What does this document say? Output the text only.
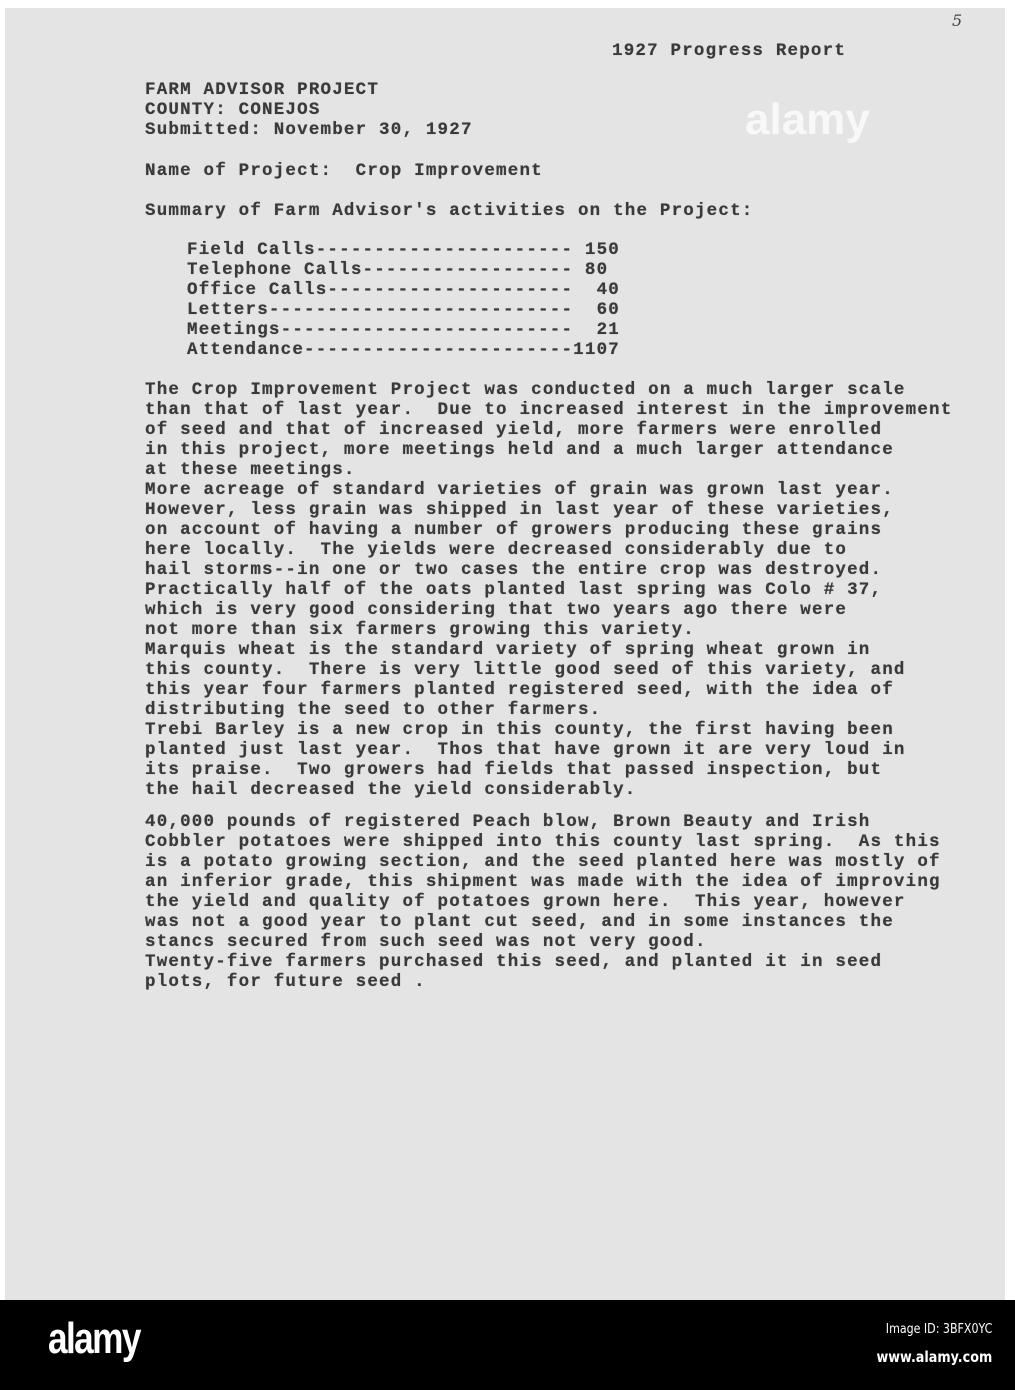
alamy
5
1927 Progress Report
FARM ADVISOR PROJECT
COUNTY: CONEJOS
Submitted: November 30, 1927
Name of Project:  Crop Improvement
Summary of Farm Advisor's activities on the Project:
Field Calls---------------------- 150
Telephone Calls------------------ 80
Office Calls---------------------  40
Letters--------------------------  60
Meetings-------------------------  21
Attendance-----------------------1107
The Crop Improvement Project was conducted on a much larger scale
than that of last year.  Due to increased interest in the improvement
of seed and that of increased yield, more farmers were enrolled
in this project, more meetings held and a much larger attendance
at these meetings.
More acreage of standard varieties of grain was grown last year.
However, less grain was shipped in last year of these varieties,
on account of having a number of growers producing these grains
here locally.  The yields were decreased considerably due to
hail storms--in one or two cases the entire crop was destroyed.
Practically half of the oats planted last spring was Colo # 37,
which is very good considering that two years ago there were
not more than six farmers growing this variety.
Marquis wheat is the standard variety of spring wheat grown in
this county.  There is very little good seed of this variety, and
this year four farmers planted registered seed, with the idea of
distributing the seed to other farmers.
Trebi Barley is a new crop in this county, the first having been
planted just last year.  Thos that have grown it are very loud in
its praise.  Two growers had fields that passed inspection, but
the hail decreased the yield considerably.
40,000 pounds of registered Peach blow, Brown Beauty and Irish
Cobbler potatoes were shipped into this county last spring.  As this
is a potato growing section, and the seed planted here was mostly of
an inferior grade, this shipment was made with the idea of improving
the yield and quality of potatoes grown here.  This year, however
was not a good year to plant cut seed, and in some instances the
stancs secured from such seed was not very good.
Twenty-five farmers purchased this seed, and planted it in seed
plots, for future seed .
alamy	Image ID: 3BFX0YC
www.alamy.com
